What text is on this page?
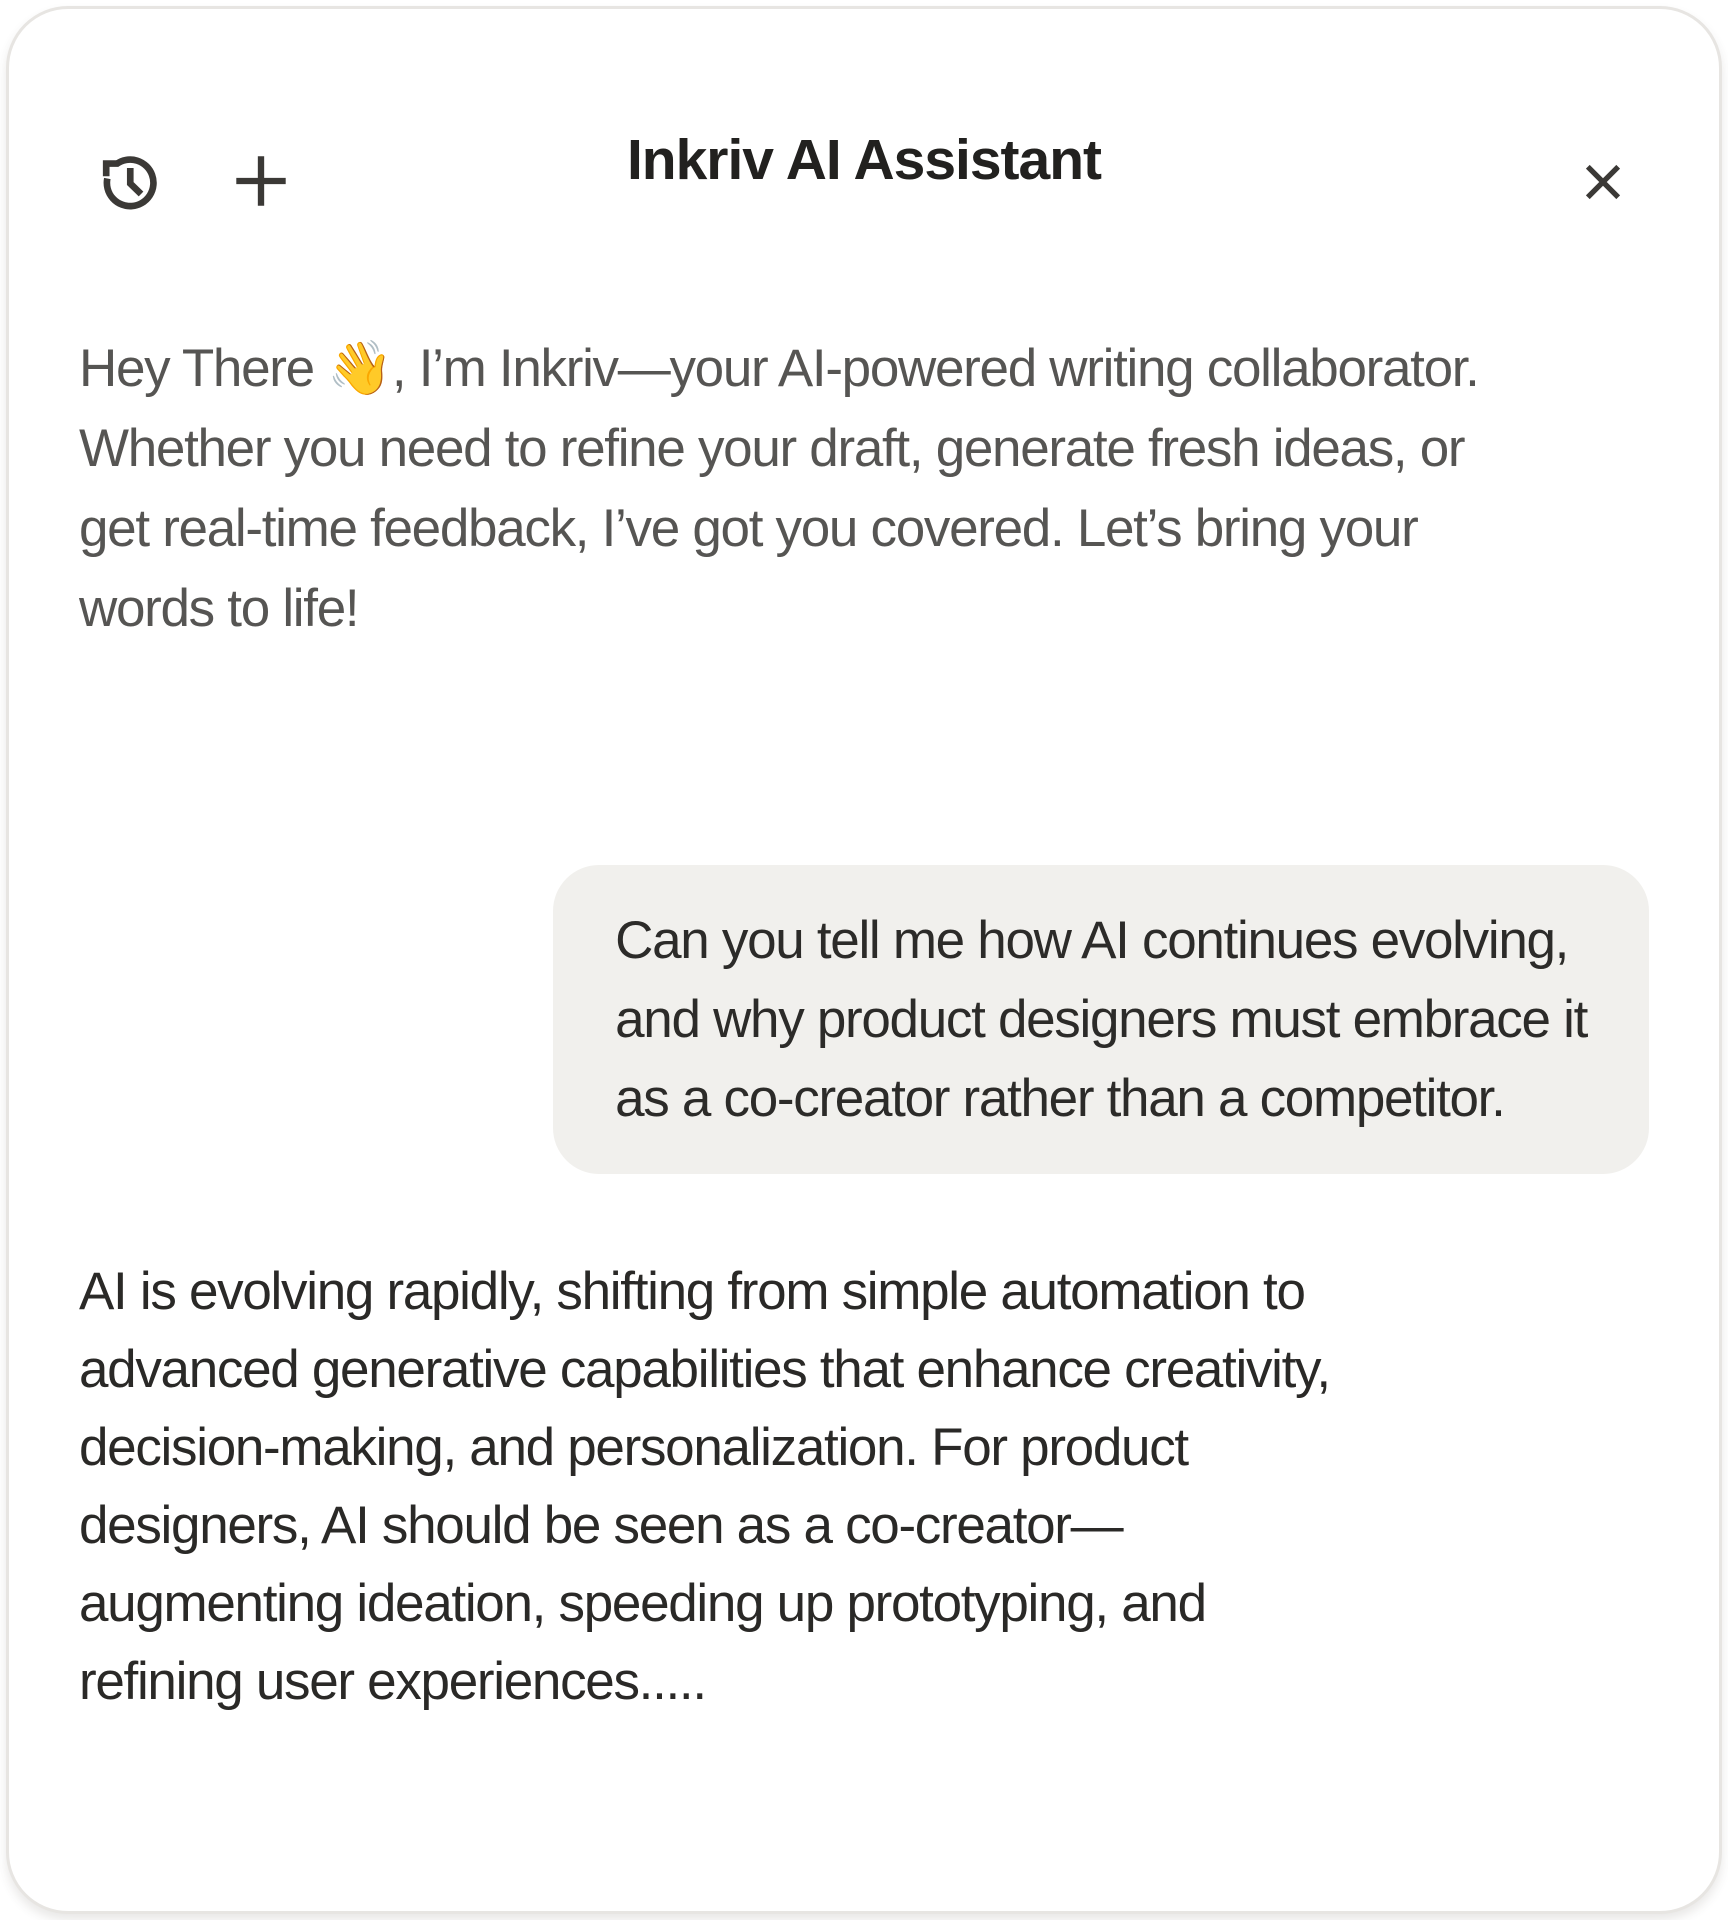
Inkriv AI Assistant
Hey There 👋, I’m Inkriv—your AI-powered writing collaborator.
Whether you need to refine your draft, generate fresh ideas, or
get real-time feedback, I’ve got you covered. Let’s bring your
words to life!
Can you tell me how AI continues evolving,
and why product designers must embrace it
as a co-creator rather than a competitor.
AI is evolving rapidly, shifting from simple automation to
advanced generative capabilities that enhance creativity,
decision-making, and personalization. For product
designers, AI should be seen as a co-creator—
augmenting ideation, speeding up prototyping, and
refining user experiences.....
